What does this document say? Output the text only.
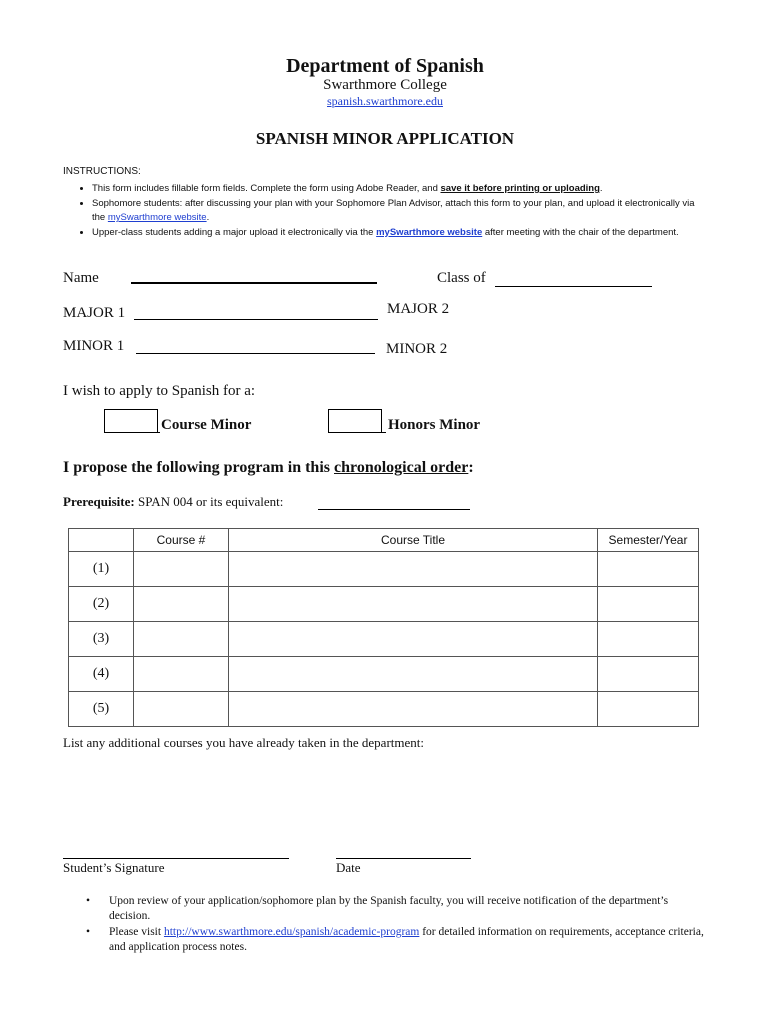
Department of Spanish
Swarthmore College
spanish.swarthmore.edu
SPANISH MINOR APPLICATION
INSTRUCTIONS:
• This form includes fillable form fields. Complete the form using Adobe Reader, and save it before printing or uploading.
• Sophomore students: after discussing your plan with your Sophomore Plan Advisor, attach this form to your plan, and upload it electronically via the mySwarthmore website.
• Upper-class students adding a major upload it electronically via the mySwarthmore website after meeting with the chair of the department.
Name	Class of
MAJOR 1	MAJOR 2
MINOR 1	MINOR 2
I wish to apply to Spanish for a:
Course Minor	Honors Minor
I propose the following program in this chronological order:
Prerequisite: SPAN 004 or its equivalent:
	Course #	Course Title	Semester/Year
(1)			
(2)			
(3)			
(4)			
(5)			
List any additional courses you have already taken in the department:
Student’s Signature	Date
• Upon review of your application/sophomore plan by the Spanish faculty, you will receive notification of the department’s decision.
• Please visit http://www.swarthmore.edu/spanish/academic-program for detailed information on requirements, acceptance criteria, and application process notes.
